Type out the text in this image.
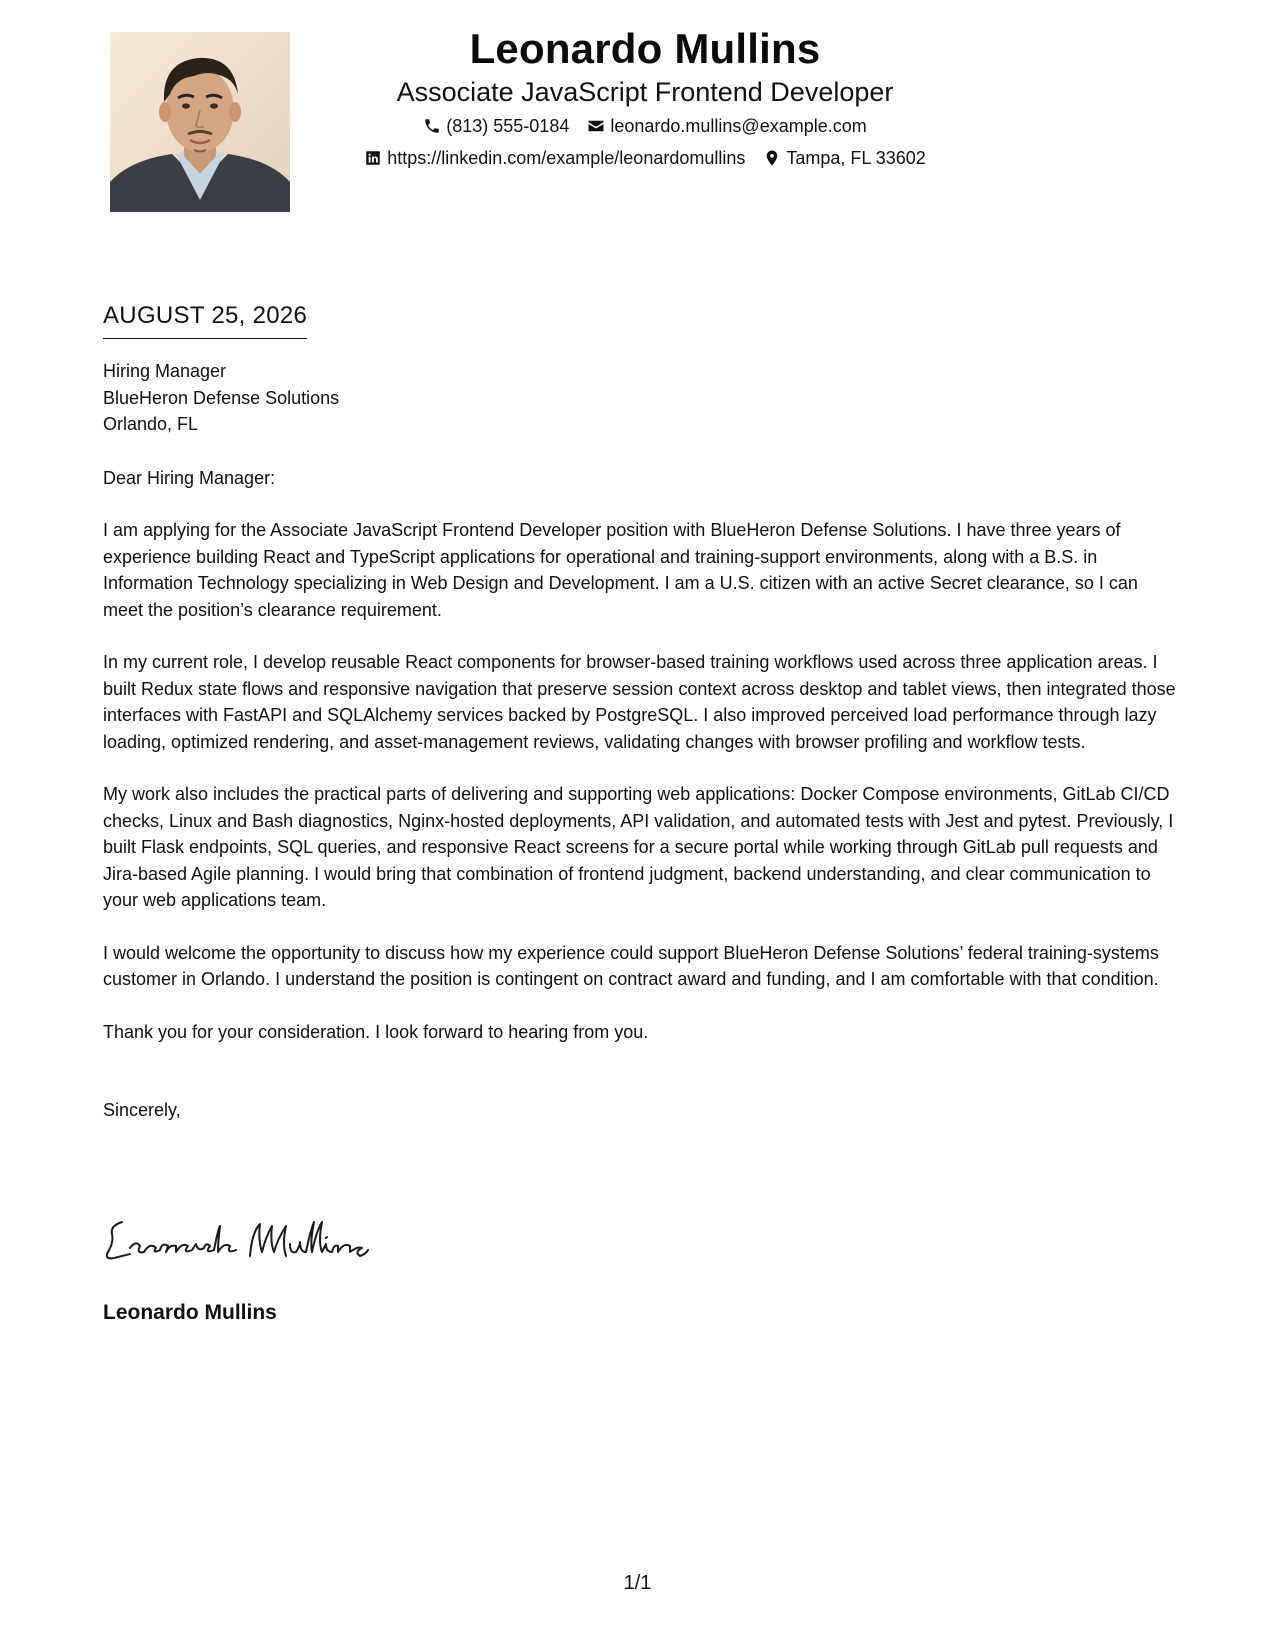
Leonardo Mullins
Associate JavaScript Frontend Developer
(813) 555-0184 leonardo.mullins@example.com
https://linkedin.com/example/leonardomullins Tampa, FL 33602
AUGUST 25, 2026
Hiring Manager
BlueHeron Defense Solutions
Orlando, FL
Dear Hiring Manager:
I am applying for the Associate JavaScript Frontend Developer position with BlueHeron Defense Solutions. I have three years of experience building React and TypeScript applications for operational and training-support environments, along with a B.S. in Information Technology specializing in Web Design and Development. I am a U.S. citizen with an active Secret clearance, so I can meet the position’s clearance requirement.
In my current role, I develop reusable React components for browser-based training workflows used across three application areas. I built Redux state flows and responsive navigation that preserve session context across desktop and tablet views, then integrated those interfaces with FastAPI and SQLAlchemy services backed by PostgreSQL. I also improved perceived load performance through lazy loading, optimized rendering, and asset-management reviews, validating changes with browser profiling and workflow tests.
My work also includes the practical parts of delivering and supporting web applications: Docker Compose environments, GitLab CI/CD checks, Linux and Bash diagnostics, Nginx-hosted deployments, API validation, and automated tests with Jest and pytest. Previously, I built Flask endpoints, SQL queries, and responsive React screens for a secure portal while working through GitLab pull requests and Jira-based Agile planning. I would bring that combination of frontend judgment, backend understanding, and clear communication to your web applications team.
I would welcome the opportunity to discuss how my experience could support BlueHeron Defense Solutions’ federal training-systems customer in Orlando. I understand the position is contingent on contract award and funding, and I am comfortable with that condition.
Thank you for your consideration. I look forward to hearing from you.
Sincerely,
Leonardo Mullins
1/1
